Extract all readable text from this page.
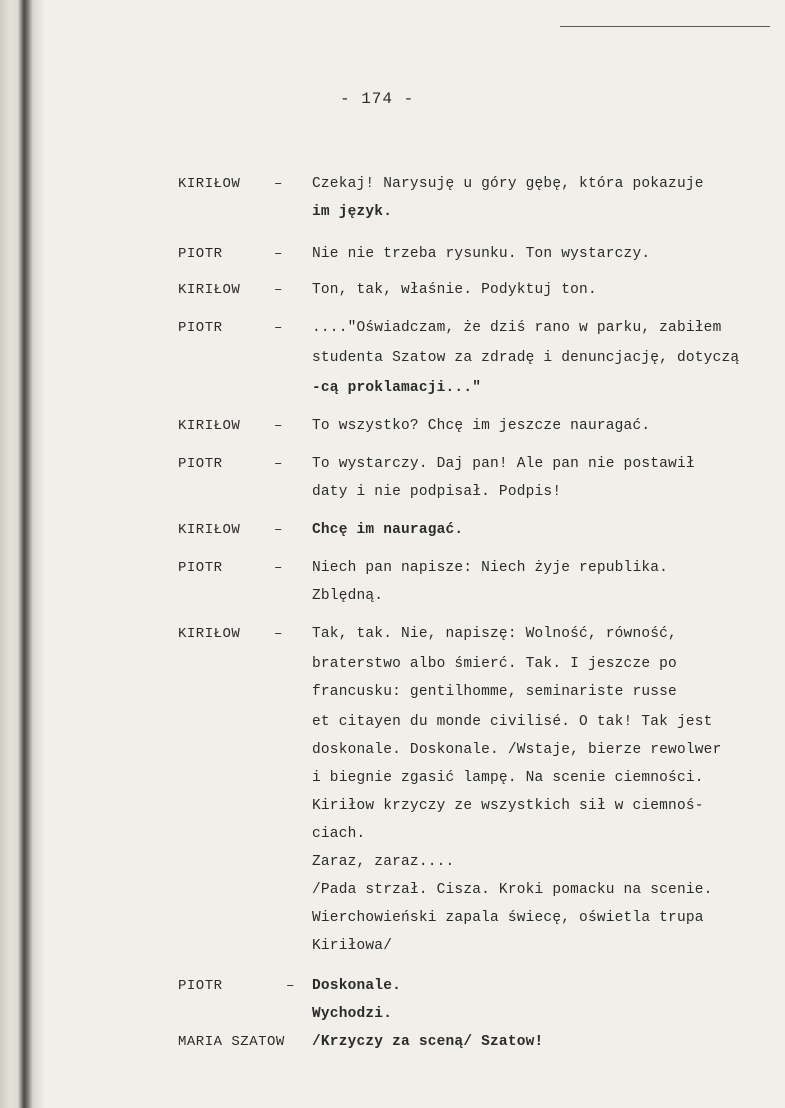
- 174 -
KIRIŁOW – Czekaj! Narysuję u góry gębę, która pokazuje
im język.
PIOTR	– Nie nie trzeba rysunku. Ton wystarczy.
KIRIŁOW – Ton, tak, właśnie. Podyktuj ton.
PIOTR	– ...."Oświadczam, że dziś rano w parku, zabiłem
studenta Szatow za zdradę i denuncjację, dotyczą
-cą proklamacji..."
KIRIŁOW – To wszystko? Chcę im jeszcze nauragać.
PIOTR	– To wystarczy. Daj pan! Ale pan nie postawił
daty i nie podpisał. Podpis!
KIRIŁOW – Chcę im nauragać.
PIOTR	– Niech pan napisze: Niech żyje republika.
Zblędną.
KIRIŁOW – Tak, tak. Nie, napiszę: Wolność, równość,
braterstwo albo śmierć. Tak. I jeszcze po
francusku: gentilhomme, seminariste russe
et citayen du monde civilisé. O tak! Tak jest
doskonale. Doskonale. /Wstaje, bierze rewolwer
i biegnie zgasić lampę. Na scenie ciemności.
Kiriłow krzyczy ze wszystkich sił w ciemnoś-
ciach.
Zaraz, zaraz....
/Pada strzał. Cisza. Kroki pomacku na scenie.
Wierchowieński zapala świecę, oświetla trupa
Kiriłowa/
PIOTR	– Doskonale.
Wychodzi.
MARIA SZATOW /Krzyczy za sceną/ Szatow!
